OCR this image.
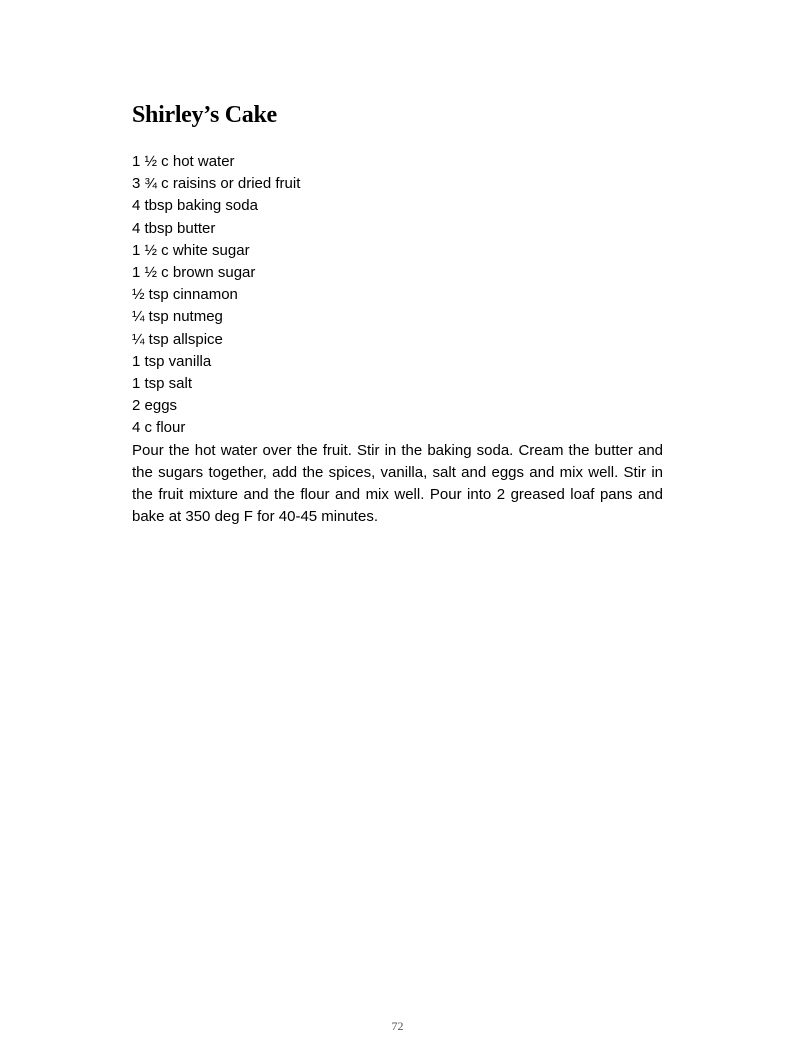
Shirley’s Cake
1 ½ c hot water
3 ¾ c raisins or dried fruit
4 tbsp baking soda
4 tbsp butter
1 ½ c white sugar
1 ½ c brown sugar
½ tsp cinnamon
¼ tsp nutmeg
¼ tsp allspice
1 tsp vanilla
1 tsp salt
2 eggs
4 c flour

Pour the hot water over the fruit. Stir in the baking soda. Cream the butter and the sugars together, add the spices, vanilla, salt and eggs and mix well. Stir in the fruit mixture and the flour and mix well. Pour into 2 greased loaf pans and bake at 350 deg F for 40-45 minutes.

72
